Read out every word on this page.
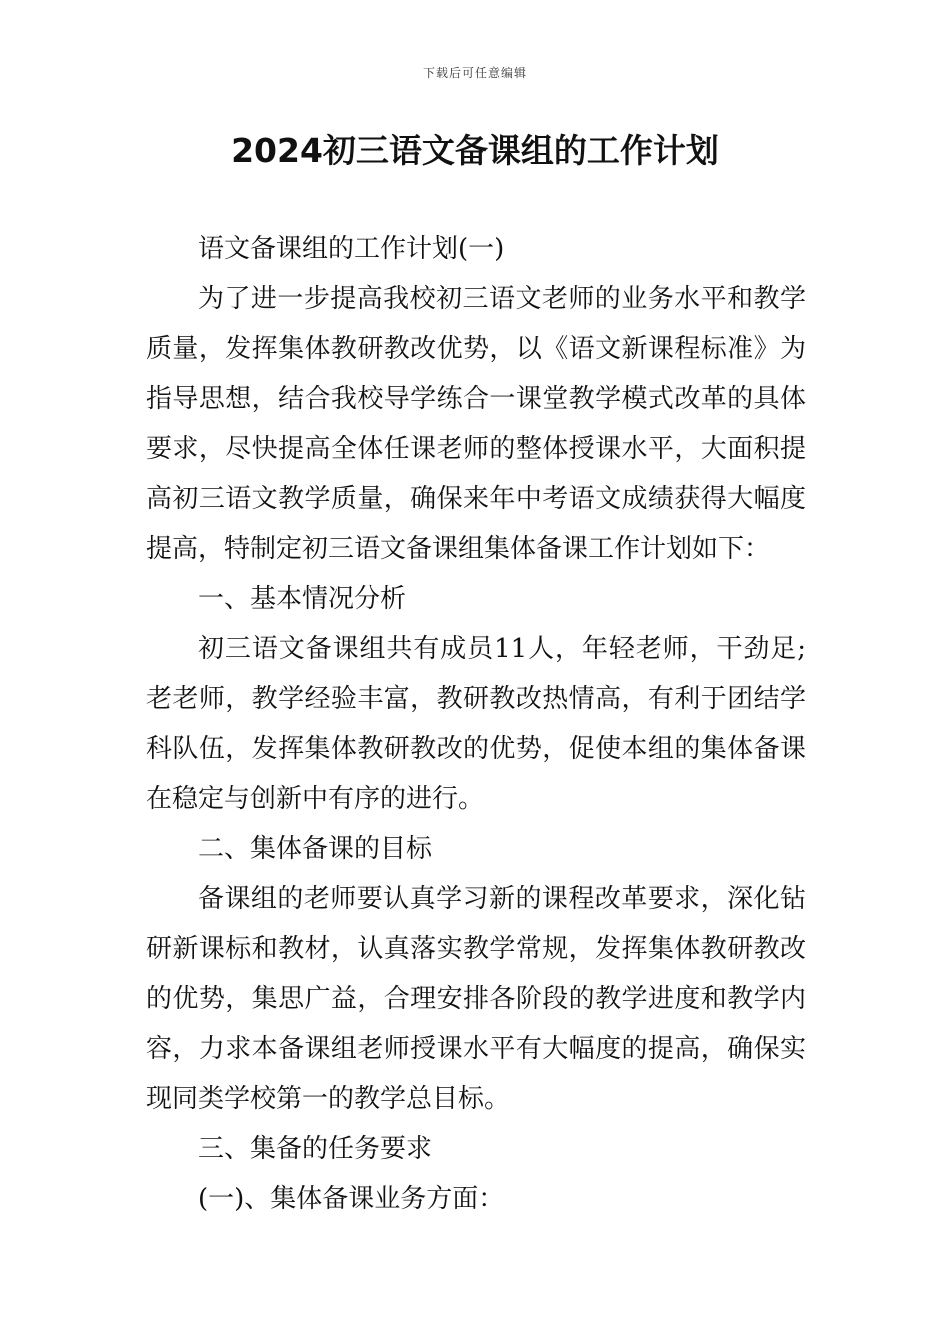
下载后可任意编辑
2024初三语文备课组的工作计划

语文备课组的工作计划(一)

为了进一步提高我校初三语文老师的业务水平和教学质量，发挥集体教研教改优势，以《语文新课程标准》为指导思想，结合我校导学练合一课堂教学模式改革的具体要求，尽快提高全体任课老师的整体授课水平，大面积提高初三语文教学质量，确保来年中考语文成绩获得大幅度提高，特制定初三语文备课组集体备课工作计划如下：

一、基本情况分析

初三语文备课组共有成员11人，年轻老师，干劲足;老老师，教学经验丰富，教研教改热情高，有利于团结学科队伍，发挥集体教研教改的优势，促使本组的集体备课在稳定与创新中有序的进行。

二、集体备课的目标

备课组的老师要认真学习新的课程改革要求，深化钻研新课标和教材，认真落实教学常规，发挥集体教研教改的优势，集思广益，合理安排各阶段的教学进度和教学内容，力求本备课组老师授课水平有大幅度的提高，确保实现同类学校第一的教学总目标。

三、集备的任务要求

(一)、集体备课业务方面：
